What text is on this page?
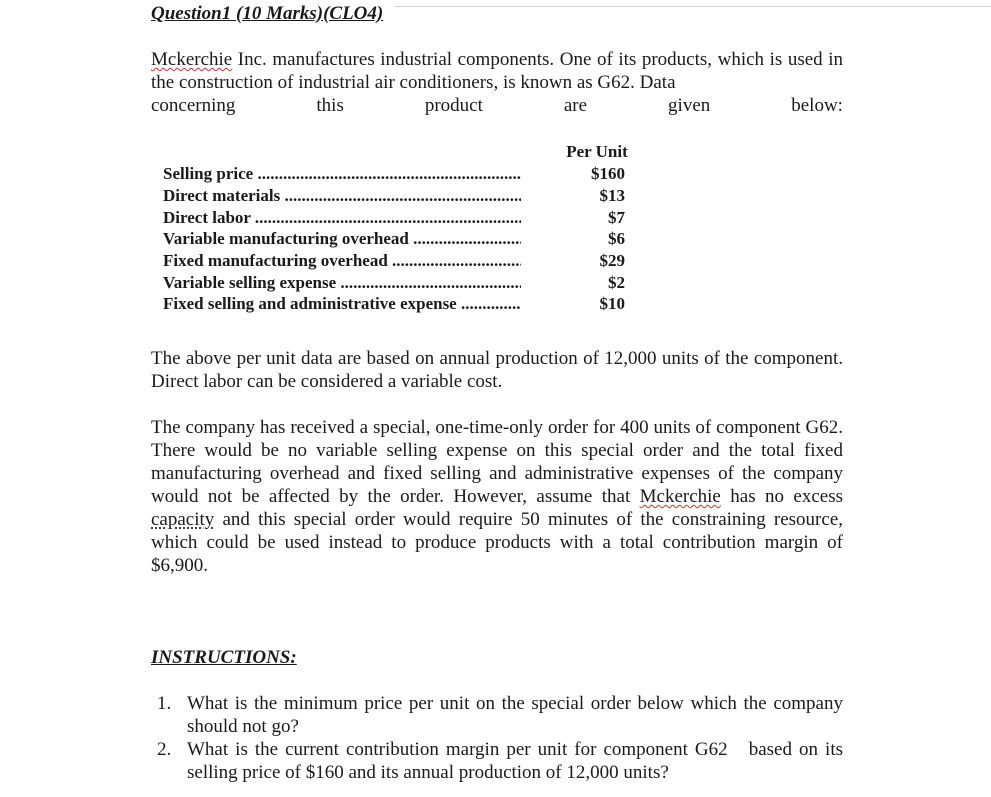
Question1 (10 Marks)(CLO4)
Mckerchie Inc. manufactures industrial components. One of its products, which is used in the construction of industrial air conditioners, is known as G62. Data
concerning	this	product	are	given	below:
Per Unit
Selling price .....	$160
Direct materials .....	$13
Direct labor .....	$7
Variable manufacturing overhead .....	$6
Fixed manufacturing overhead .....	$29
Variable selling expense .....	$2
Fixed selling and administrative expense .....	$10
The above per unit data are based on annual production of 12,000 units of the component. Direct labor can be considered a variable cost.
The company has received a special, one-time-only order for 400 units of component G62. There would be no variable selling expense on this special order and the total fixed manufacturing overhead and fixed selling and administrative expenses of the company would not be affected by the order. However, assume that Mckerchie has no excess capacity and this special order would require 50 minutes of the constraining resource, which could be used instead to produce products with a total contribution margin of $6,900.
INSTRUCTIONS:
1. What is the minimum price per unit on the special order below which the company should not go?
2. What is the current contribution margin per unit for component G62   based on its selling price of $160 and its annual production of 12,000 units?
